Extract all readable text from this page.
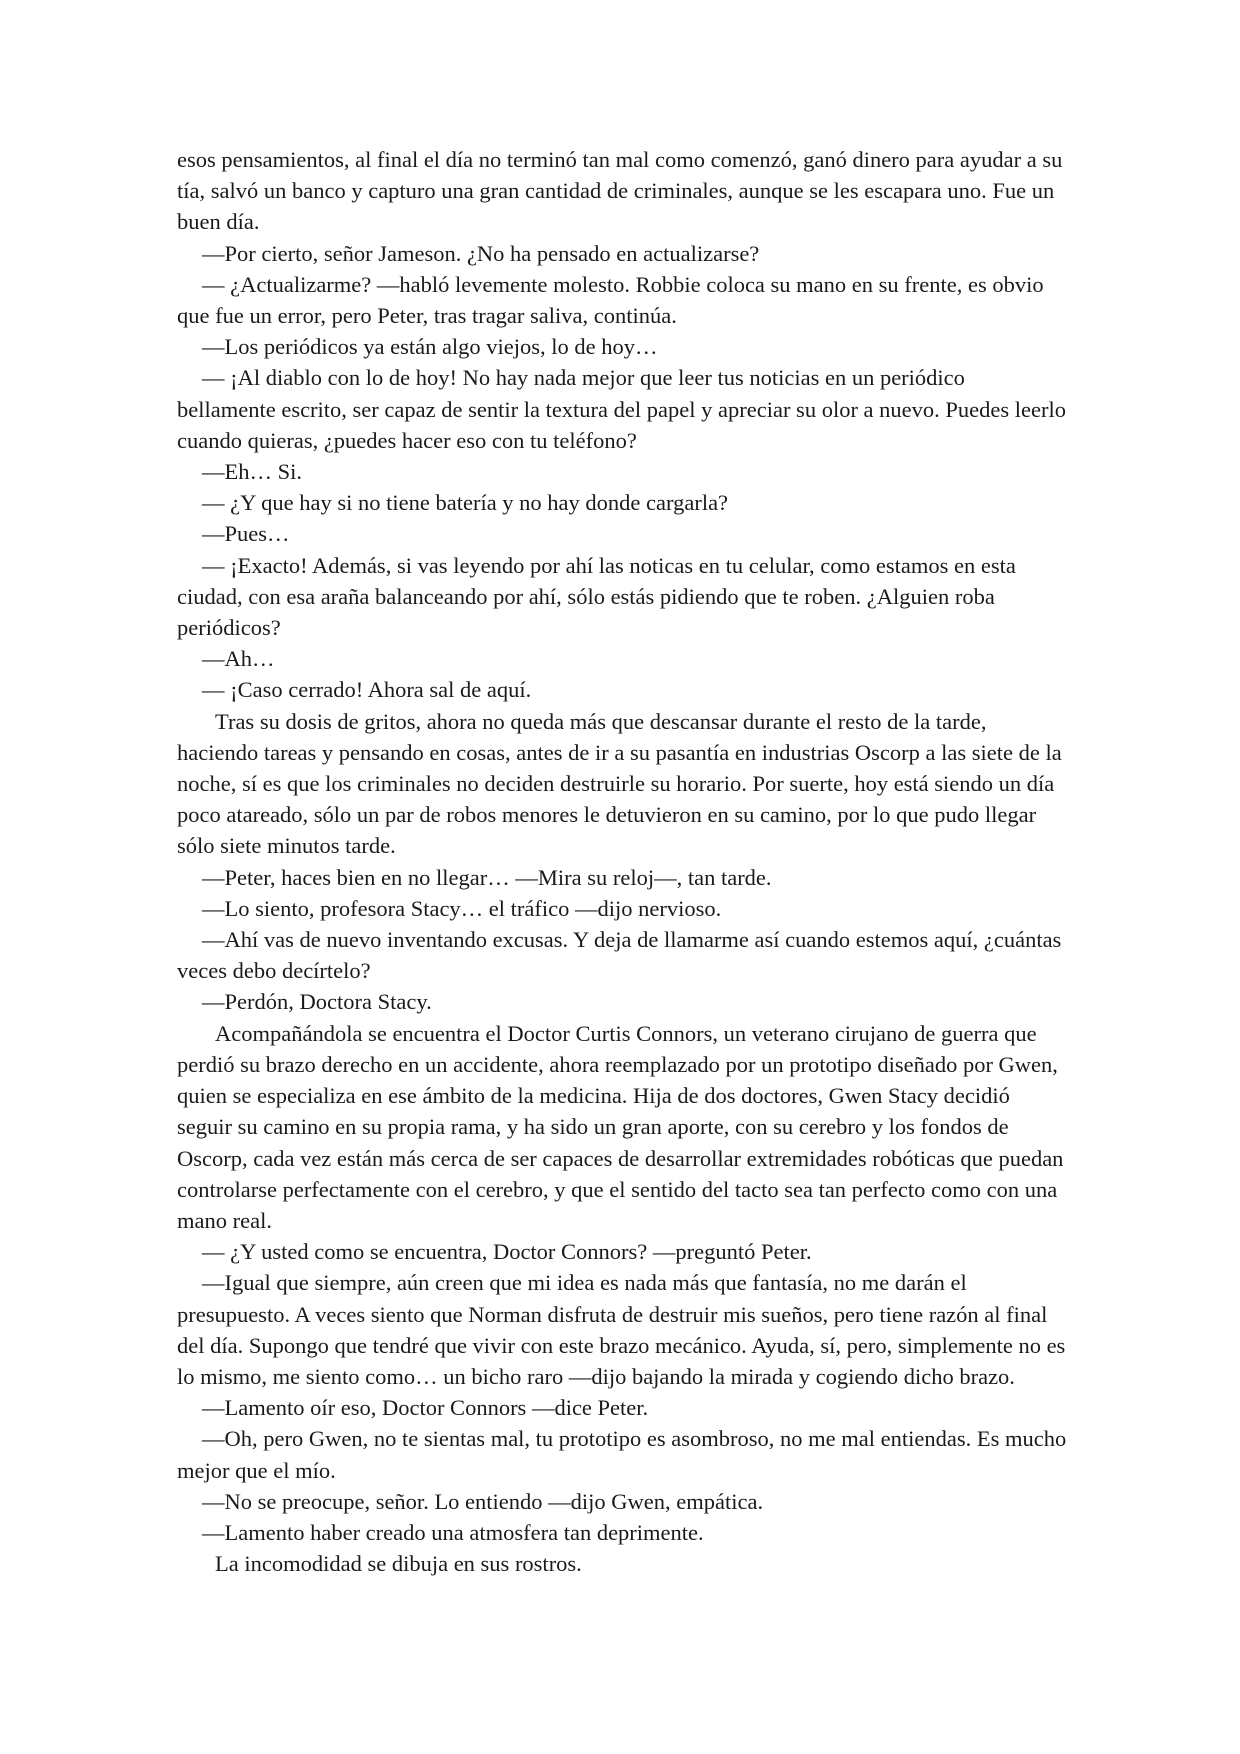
esos pensamientos, al final el día no terminó tan mal como comenzó, ganó dinero para ayudar a su tía, salvó un banco y capturo una gran cantidad de criminales, aunque se les escapara uno. Fue un buen día.

—Por cierto, señor Jameson. ¿No ha pensado en actualizarse?

— ¿Actualizarme? —habló levemente molesto. Robbie coloca su mano en su frente, es obvio que fue un error, pero Peter, tras tragar saliva, continúa.

—Los periódicos ya están algo viejos, lo de hoy…

— ¡Al diablo con lo de hoy! No hay nada mejor que leer tus noticias en un periódico bellamente escrito, ser capaz de sentir la textura del papel y apreciar su olor a nuevo. Puedes leerlo cuando quieras, ¿puedes hacer eso con tu teléfono?

—Eh… Si.

— ¿Y que hay si no tiene batería y no hay donde cargarla?

—Pues…

— ¡Exacto! Además, si vas leyendo por ahí las noticas en tu celular, como estamos en esta ciudad, con esa araña balanceando por ahí, sólo estás pidiendo que te roben. ¿Alguien roba periódicos?

—Ah…

— ¡Caso cerrado! Ahora sal de aquí.

Tras su dosis de gritos, ahora no queda más que descansar durante el resto de la tarde, haciendo tareas y pensando en cosas, antes de ir a su pasantía en industrias Oscorp a las siete de la noche, sí es que los criminales no deciden destruirle su horario. Por suerte, hoy está siendo un día poco atareado, sólo un par de robos menores le detuvieron en su camino, por lo que pudo llegar sólo siete minutos tarde.

—Peter, haces bien en no llegar… —Mira su reloj—, tan tarde.

—Lo siento, profesora Stacy… el tráfico —dijo nervioso.

—Ahí vas de nuevo inventando excusas. Y deja de llamarme así cuando estemos aquí, ¿cuántas veces debo decírtelo?

—Perdón, Doctora Stacy.

Acompañándola se encuentra el Doctor Curtis Connors, un veterano cirujano de guerra que perdió su brazo derecho en un accidente, ahora reemplazado por un prototipo diseñado por Gwen, quien se especializa en ese ámbito de la medicina. Hija de dos doctores, Gwen Stacy decidió seguir su camino en su propia rama, y ha sido un gran aporte, con su cerebro y los fondos de Oscorp, cada vez están más cerca de ser capaces de desarrollar extremidades robóticas que puedan controlarse perfectamente con el cerebro, y que el sentido del tacto sea tan perfecto como con una mano real.

— ¿Y usted como se encuentra, Doctor Connors? —preguntó Peter.

—Igual que siempre, aún creen que mi idea es nada más que fantasía, no me darán el presupuesto. A veces siento que Norman disfruta de destruir mis sueños, pero tiene razón al final del día. Supongo que tendré que vivir con este brazo mecánico. Ayuda, sí, pero, simplemente no es lo mismo, me siento como… un bicho raro —dijo bajando la mirada y cogiendo dicho brazo.

—Lamento oír eso, Doctor Connors —dice Peter.

—Oh, pero Gwen, no te sientas mal, tu prototipo es asombroso, no me mal entiendas. Es mucho mejor que el mío.

—No se preocupe, señor. Lo entiendo —dijo Gwen, empática.

—Lamento haber creado una atmosfera tan deprimente.

La incomodidad se dibuja en sus rostros.
